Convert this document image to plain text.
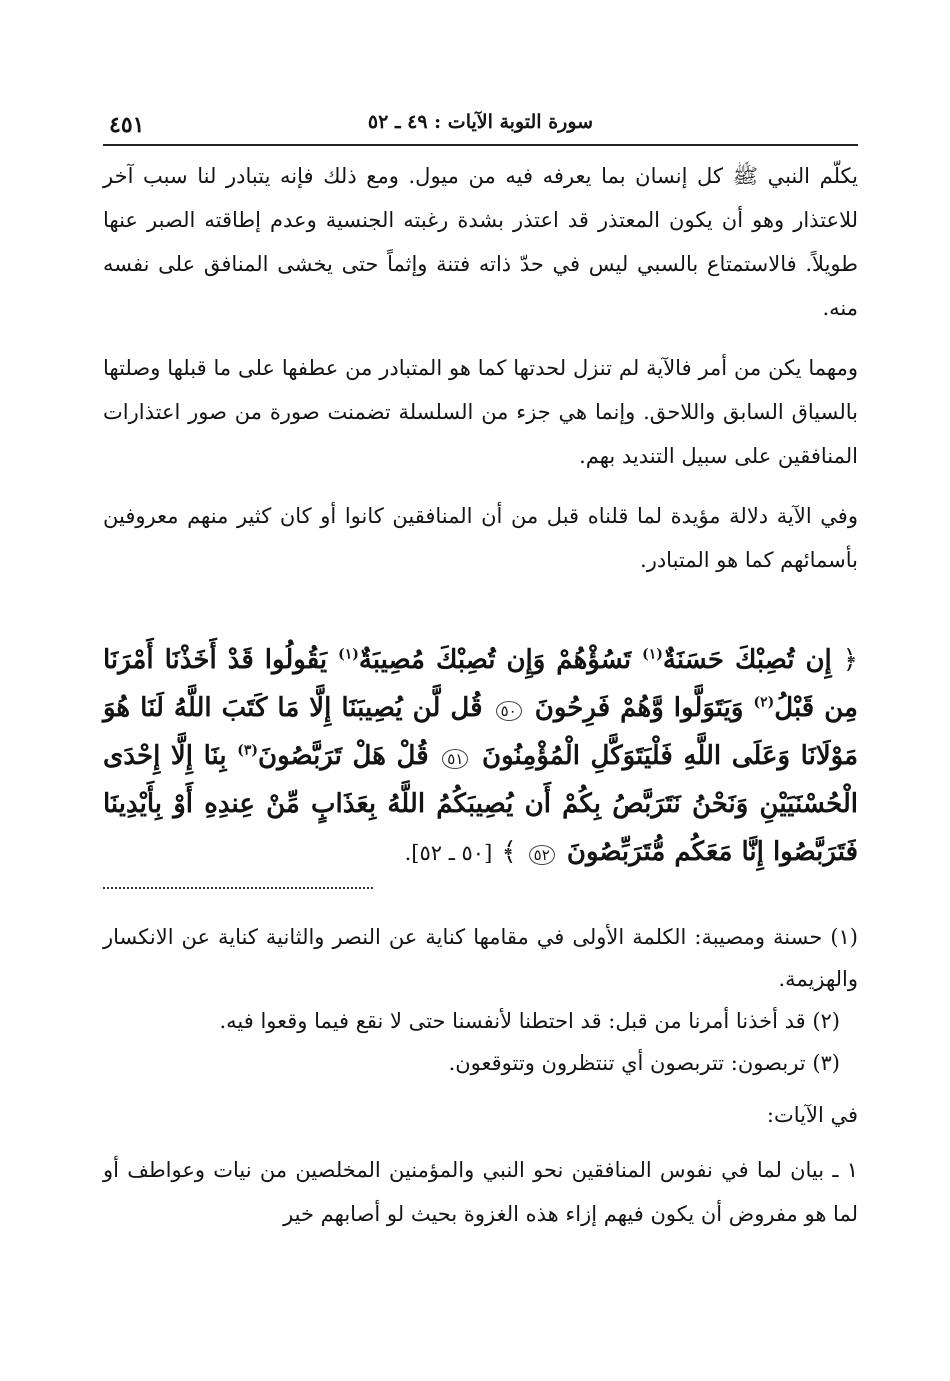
سورة التوبة الآيات : ٤٩ ـ ٥٢
٤٥١

يكلّم النبي ﷺ كل إنسان بما يعرفه فيه من ميول. ومع ذلك فإنه يتبادر لنا سبب آخر للاعتذار وهو أن يكون المعتذر قد اعتذر بشدة رغبته الجنسية وعدم إطاقته الصبر عنها طويلاً. فالاستمتاع بالسبي ليس في حدّ ذاته فتنة وإثماً حتى يخشى المنافق على نفسه منه.

ومهما يكن من أمر فالآية لم تنزل لحدتها كما هو المتبادر من عطفها على ما قبلها وصلتها بالسياق السابق واللاحق. وإنما هي جزء من السلسلة تضمنت صورة من صور اعتذارات المنافقين على سبيل التنديد بهم.

وفي الآية دلالة مؤيدة لما قلناه قبل من أن المنافقين كانوا أو كان كثير منهم معروفين بأسمائهم كما هو المتبادر.

﴿ إِن تُصِبْكَ حَسَنَةٌ$^{(١)}$ تَسُؤْهُمْ وَإِن تُصِبْكَ مُصِيبَةٌ$^{(١)}$ يَقُولُوا قَدْ أَخَذْنَا أَمْرَنَا مِن قَبْلُ$^{(٢)}$ وَيَتَوَلَّوا وَّهُمْ فَرِحُونَ ٥٠ قُل لَّن يُصِيبَنَا إِلَّا مَا كَتَبَ اللَّهُ لَنَا هُوَ مَوْلَانَا وَعَلَى اللَّهِ فَلْيَتَوَكَّلِ الْمُؤْمِنُونَ ٥١ قُلْ هَلْ تَرَبَّصُونَ$^{(٣)}$ بِنَا إِلَّا إِحْدَى الْحُسْنَيَيْنِ وَنَحْنُ نَتَرَبَّصُ بِكُمْ أَن يُصِيبَكُمُ اللَّهُ بِعَذَابٍ مِّنْ عِندِهِ أَوْ بِأَيْدِينَا فَتَرَبَّصُوا إِنَّا مَعَكُم مُّتَرَبِّصُونَ ٥٢ ﴾ [٥٠ ـ ٥٢].

(١) حسنة ومصيبة: الكلمة الأولى في مقامها كناية عن النصر والثانية كناية عن الانكسار والهزيمة.

(٢) قد أخذنا أمرنا من قبل: قد احتطنا لأنفسنا حتى لا نقع فيما وقعوا فيه.

(٣) تربصون: تتربصون أي تنتظرون وتتوقعون.

في الآيات:

١ ـ بيان لما في نفوس المنافقين نحو النبي والمؤمنين المخلصين من نيات وعواطف أو لما هو مفروض أن يكون فيهم إزاء هذه الغزوة بحيث لو أصابهم خير
